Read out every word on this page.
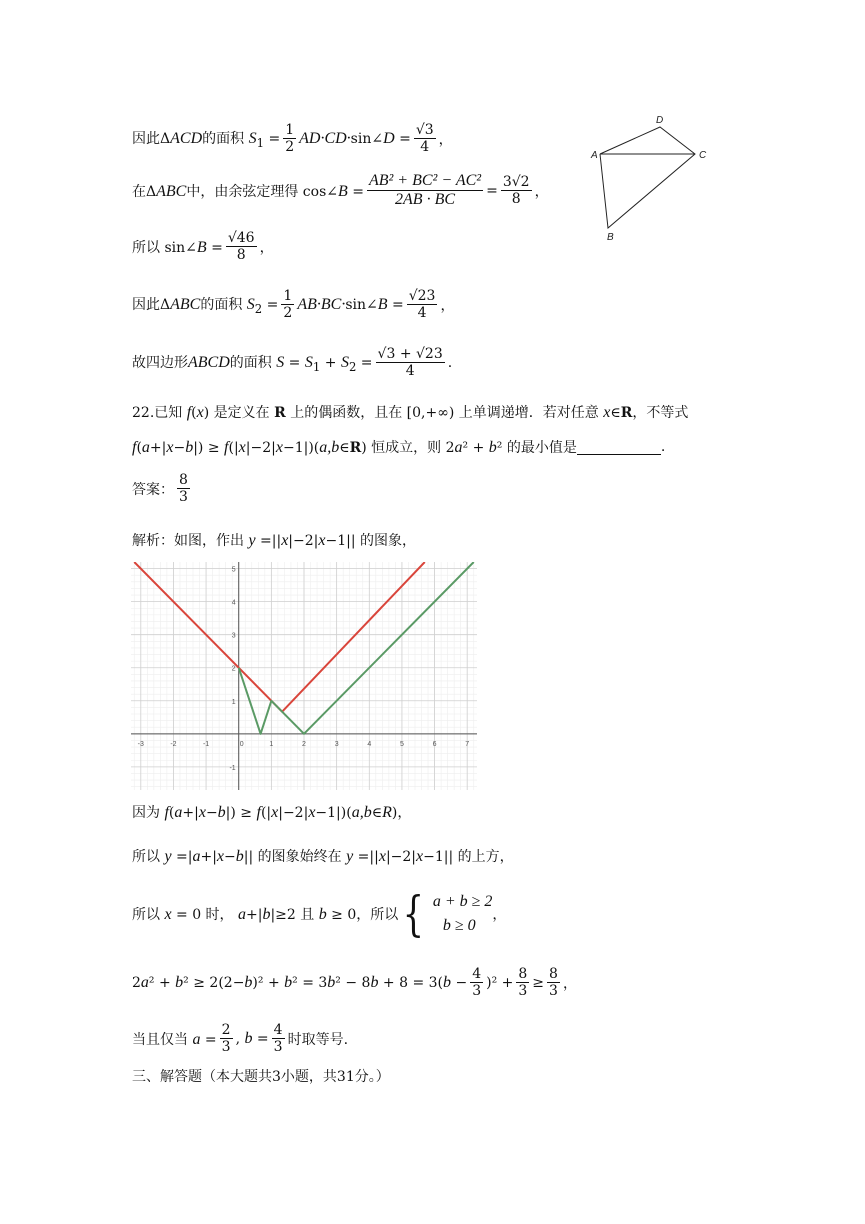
因此ΔACD的面积 $S_1 = \frac{1}{2} AD\cdot CD\cdot$ sin∠D = $\frac{√3}{4}$ ，
在ΔABC中，由余弦定理得 cos∠B = $\frac{\text{AB² + BC² − AC²}}{2AB \cdot BC} = \frac{3√2}{8}$ ，
所以 sin∠B = $\frac{√46}{8}$ ，
因此ΔABC的面积 $S_2 = \frac{1}{2} AB\cdot BC\cdot$ sin∠B = $\frac{√23}{4}$ ，
故四边形ABCD的面积 $S = S_1 + S_2 = \frac{√3 + √23}{4}$ .
A
D
C
B
22.已知 f(x) 是定义在 R 上的偶函数，且在 [0,+∞) 上单调递增．若对任意 x∈R，不等式
f(a+|x−b|) ≥ f(|x|−2|x−1|)(a,b∈R) 恒成立，则 2a² + b² 的最小值是	.
答案： $\frac{8}{3}$
解析：如图，作出 y =||x|−2|x−1|| 的图象，
-3	-2	-1	0	1	2	3	4	5	6	7
-1
1
2
3
4
5
因为 f(a+|x−b|) ≥ f(|x|−2|x−1|)(a,b∈R)，
所以 y =|a+|x−b|| 的图象始终在 y =||x|−2|x−1|| 的上方，
所以 x = 0 时， a+|b|≥2 且 b ≥ 0，所以 { a + b ≥ 2
b ≥ 0
，
$2a^2 + b^2 \ge 2(2-b)^2 + b^2 = 3b^2 - 8b + 8 = 3(b - \frac{4}{3} )^2 + \frac{8}{3} \ge \frac{8}{3}$ ，
当且仅当 $a = \frac{2}{3}$ , $b = \frac{4}{3}$ 时取等号.
三、解答题（本大题共3小题，共31分。）
